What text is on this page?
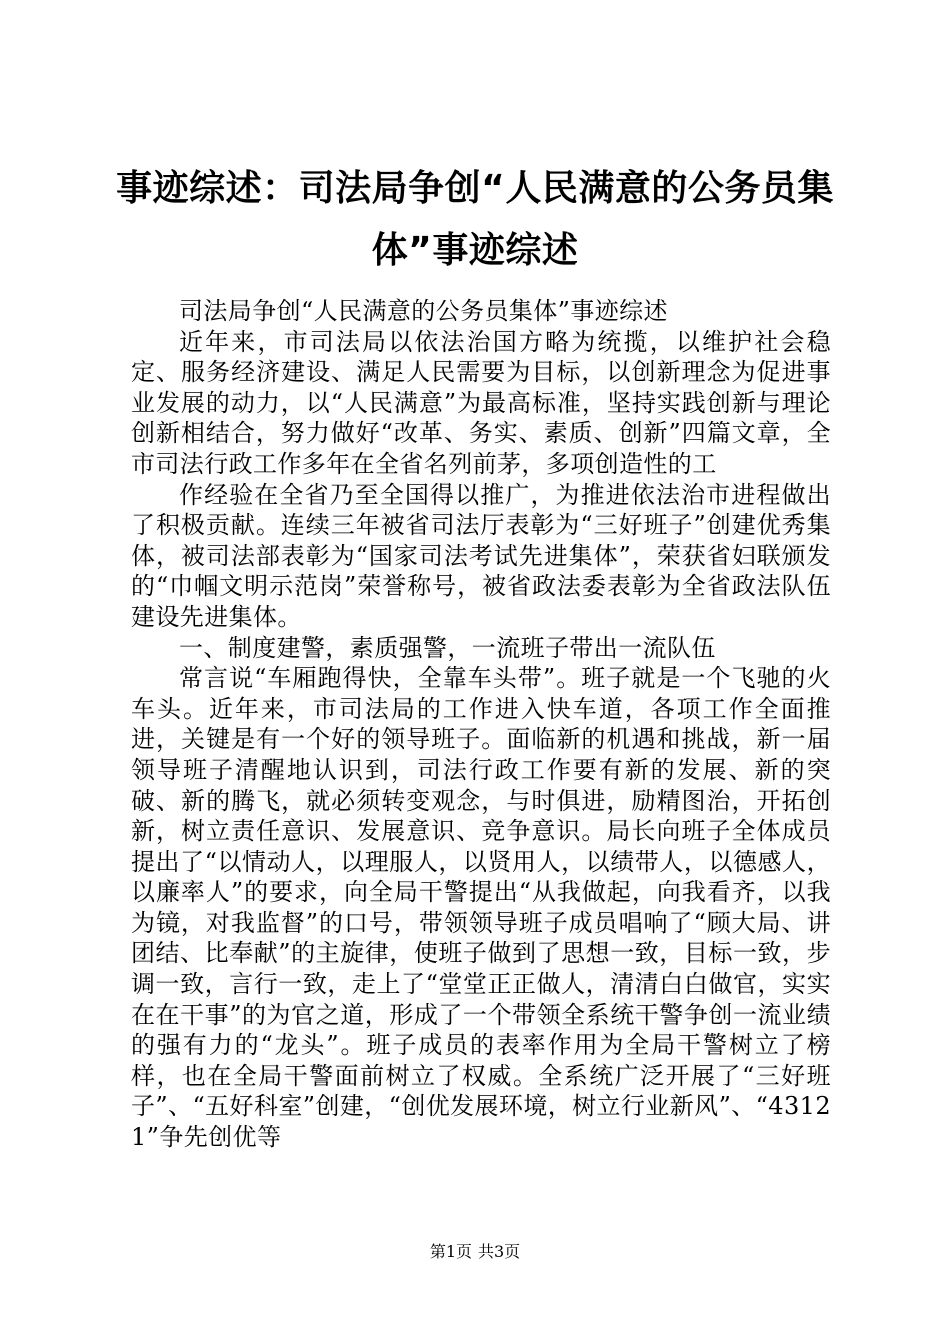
事迹综述：司法局争创“人民满意的公务员集体”事迹综述

司法局争创“人民满意的公务员集体”事迹综述

近年来，市司法局以依法治国方略为统揽，以维护社会稳定、服务经济建设、满足人民需要为目标，以创新理念为促进事业发展的动力，以“人民满意”为最高标准，坚持实践创新与理论创新相结合，努力做好“改革、务实、素质、创新”四篇文章，全市司法行政工作多年在全省名列前茅，多项创造性的工

作经验在全省乃至全国得以推广，为推进依法治市进程做出了积极贡献。连续三年被省司法厅表彰为“三好班子”创建优秀集体，被司法部表彰为“国家司法考试先进集体”，荣获省妇联颁发的“巾帼文明示范岗”荣誉称号，被省政法委表彰为全省政法队伍建设先进集体。

一、制度建警，素质强警，一流班子带出一流队伍

常言说“车厢跑得快，全靠车头带”。班子就是一个飞驰的火车头。近年来，市司法局的工作进入快车道，各项工作全面推进，关键是有一个好的领导班子。面临新的机遇和挑战，新一届领导班子清醒地认识到，司法行政工作要有新的发展、新的突破、新的腾飞，就必须转变观念，与时俱进，励精图治，开拓创新，树立责任意识、发展意识、竞争意识。局长向班子全体成员提出了“以情动人，以理服人，以贤用人，以绩带人，以德感人，以廉率人”的要求，向全局干警提出“从我做起，向我看齐，以我为镜，对我监督”的口号，带领领导班子成员唱响了“顾大局、讲团结、比奉献”的主旋律，使班子做到了思想一致，目标一致，步调一致，言行一致，走上了“堂堂正正做人，清清白白做官，实实在在干事”的为官之道，形成了一个带领全系统干警争创一流业绩的强有力的“龙头”。班子成员的表率作用为全局干警树立了榜样，也在全局干警面前树立了权威。全系统广泛开展了“三好班子”、“五好科室”创建，“创优发展环境，树立行业新风”、“43121”争先创优等

第1页 共3页
